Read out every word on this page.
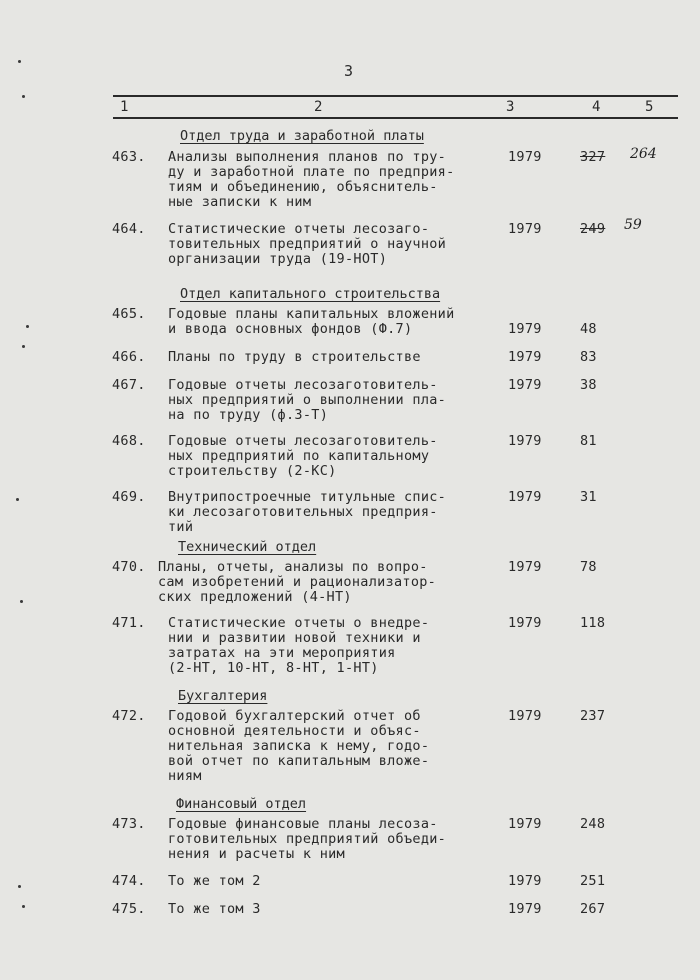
3
1	2	3	4	5
Отдел труда и заработной платы
463. Анализы выполнения планов по тру-
ду и заработной плате по предприя-
тиям и объединению, объяснитель-
ные записки к ним
1979	327 264
464. Статистические отчеты лесозаго-
товительных предприятий о научной
организации труда (19-НОТ)
1979	249 59
Отдел капитального строительства
465. Годовые планы капитальных вложений
и ввода основных фондов (Ф.7)	1979	48
466. Планы по труду в строительстве	1979	83
467. Годовые отчеты лесозаготовитель-
ных предприятий о выполнении пла-
на по труду (ф.3-Т)
1979	38
468. Годовые отчеты лесозаготовитель-
ных предприятий по капитальному
строительству (2-КС)
1979	81
469. Внутрипостроечные титульные спис-
ки лесозаготовительных предприя-
тий
1979	31
Технический отдел
470. Планы, отчеты, анализы по вопро-
сам изобретений и рационализатор-
ских предложений (4-НТ)
1979	78
471. Статистические отчеты о внедре-
нии и развитии новой техники и
затратах на эти мероприятия
(2-НТ, 10-НТ, 8-НТ, 1-НТ)
1979	118
Бухгалтерия
472. Годовой бухгалтерский отчет об
основной деятельности и объяс-
нительная записка к нему, годо-
вой отчет по капитальным вложе-
ниям
1979	237
Финансовый отдел
473. Годовые финансовые планы лесоза-
готовительных предприятий объеди-
нения и расчеты к ним
1979	248
474. То же том 2	1979	251
475. То же том 3	1979	267
